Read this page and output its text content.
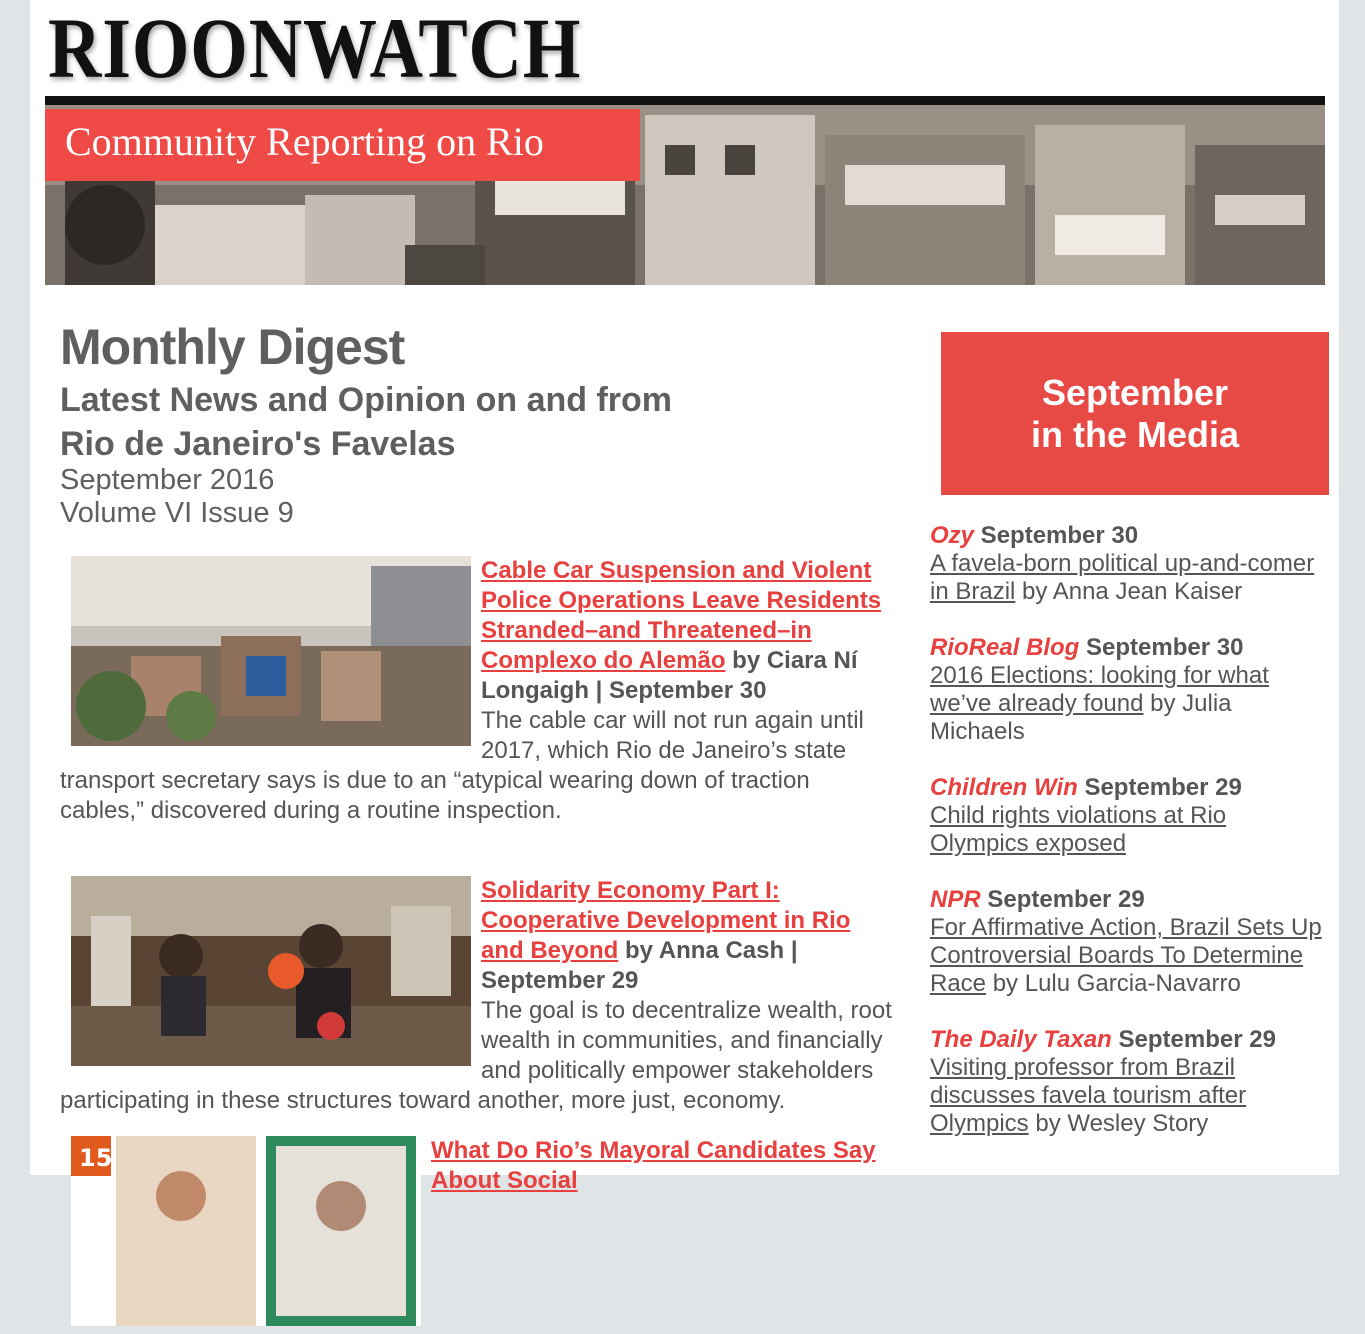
RIOONWATCH
Community Reporting on Rio
Monthly Digest
Latest News and Opinion on and from Rio de Janeiro's Favelas
September 2016
Volume VI Issue 9
Cable Car Suspension and Violent Police Operations Leave Residents Stranded–and Threatened–in Complexo do Alemão by Ciara Ní Longaigh | September 30
The cable car will not run again until 2017, which Rio de Janeiro’s state transport secretary says is due to an “atypical wearing down of traction cables,” discovered during a routine inspection.
Solidarity Economy Part I: Cooperative Development in Rio and Beyond by Anna Cash | September 29
The goal is to decentralize wealth, root wealth in communities, and financially and politically empower stakeholders participating in these structures toward another, more just, economy.
15	What Do Rio’s Mayoral Candidates Say About Social
September
in the Media
Ozy September 30
A favela-born political up-and-comer in Brazil by Anna Jean Kaiser
RioReal Blog September 30
2016 Elections: looking for what we’ve already found by Julia Michaels
Children Win September 29
Child rights violations at Rio Olympics exposed
NPR September 29
For Affirmative Action, Brazil Sets Up Controversial Boards To Determine Race by Lulu Garcia-Navarro
The Daily Taxan September 29
Visiting professor from Brazil discusses favela tourism after Olympics by Wesley Story
